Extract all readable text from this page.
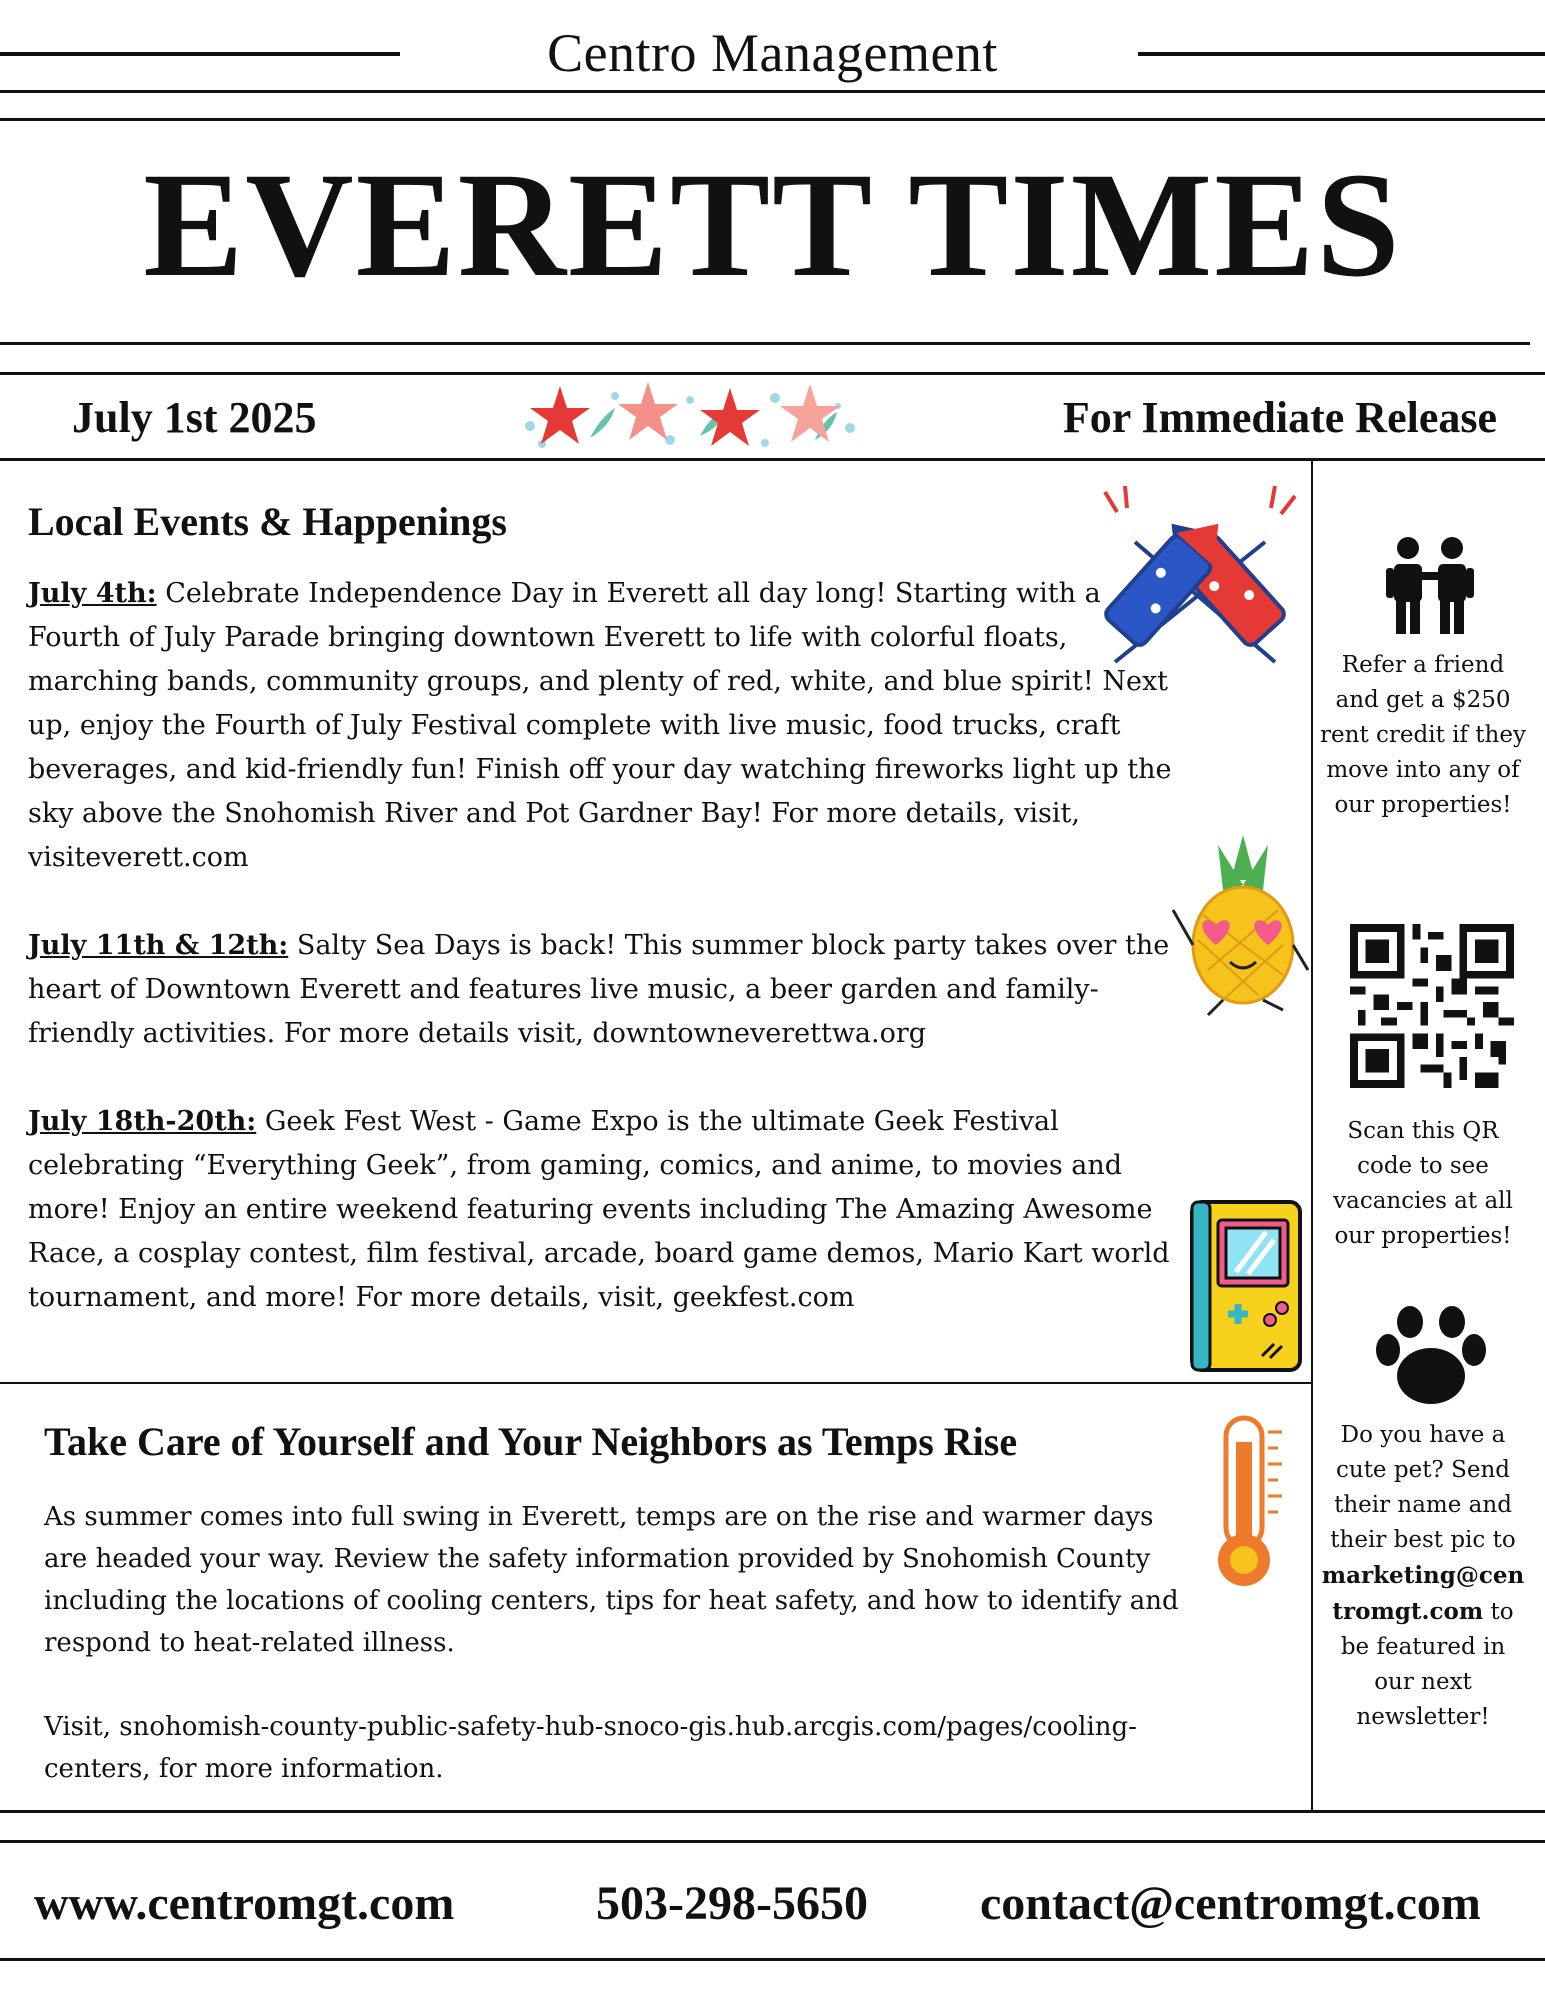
Centro Management
EVERETT TIMES
July 1st 2025	For Immediate Release
Local Events & Happenings

July 4th: Celebrate Independence Day in Everett all day long! Starting with a Fourth of July Parade bringing downtown Everett to life with colorful floats, marching bands, community groups, and plenty of red, white, and blue spirit! Next up, enjoy the Fourth of July Festival complete with live music, food trucks, craft beverages, and kid-friendly fun! Finish off your day watching fireworks light up the sky above the Snohomish River and Pot Gardner Bay! For more details, visit, visiteverett.com

July 11th & 12th: Salty Sea Days is back! This summer block party takes over the heart of Downtown Everett and features live music, a beer garden and family-friendly activities. For more details visit, downtowneverettwa.org

July 18th-20th: Geek Fest West - Game Expo is the ultimate Geek Festival celebrating “Everything Geek”, from gaming, comics, and anime, to movies and more! Enjoy an entire weekend featuring events including The Amazing Awesome Race, a cosplay contest, film festival, arcade, board game demos, Mario Kart world tournament, and more! For more details, visit, geekfest.com

Take Care of Yourself and Your Neighbors as Temps Rise

As summer comes into full swing in Everett, temps are on the rise and warmer days are headed your way. Review the safety information provided by Snohomish County including the locations of cooling centers, tips for heat safety, and how to identify and respond to heat-related illness.

Visit, snohomish-county-public-safety-hub-snoco-gis.hub.arcgis.com/pages/cooling-centers, for more information.

Refer a friend and get a $250 rent credit if they move into any of our properties!
Scan this QR code to see vacancies at all our properties!
Do you have a cute pet? Send their name and their best pic to marketing@centromgt.com to be featured in our next newsletter!
www.centromgt.com	503-298-5650 contact@centromgt.com
